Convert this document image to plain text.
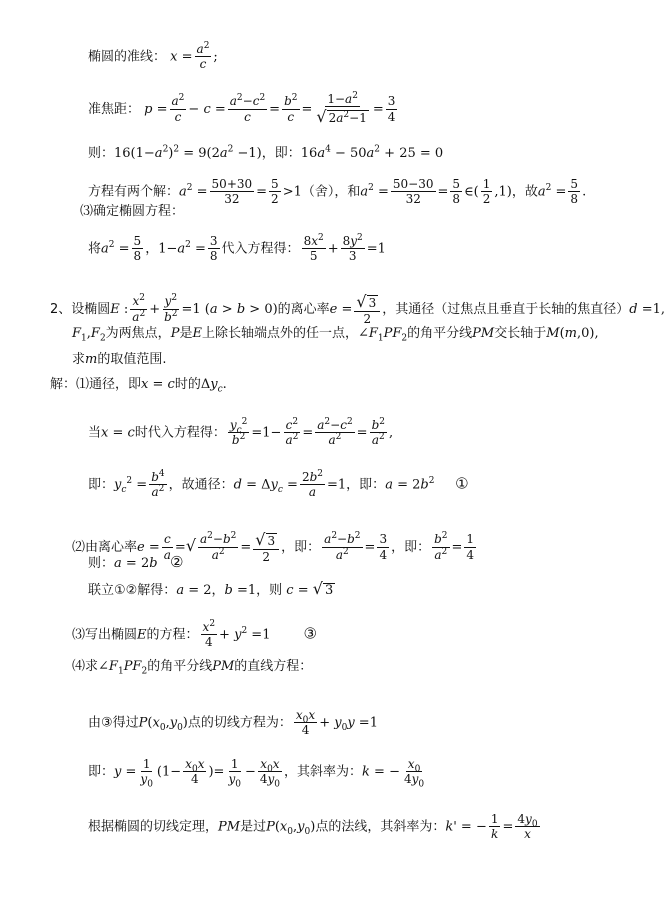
椭圆的准线： $x = \frac{a^2}{c}$ ;
准焦距： $p = \frac{a^2}{c} - c = \frac{a^2-c^2}{c} = \frac{b^2}{c} = \frac{1-a^2}{√ 2a^2-1} = \frac{3}{4}$
则：$16(1-a^2)^2 = 9(2a^2 -1)$，即：$16a^4 - 50a^2 + 25 = 0$
方程有两个解：$a^2 = \frac{50+30}{32} = \frac{5}{2} >1$（舍），和$a^2 = \frac{50-30}{32} = \frac{5}{8}$ ∈( $\frac{1}{2} ,1$)，故$a^2 = \frac{5}{8}$ .
⑶确定椭圆方程：
将$a^2 = \frac{5}{8}$ ，$1-a^2 = \frac{3}{8}$ 代入方程得： $\frac{8x^2}{5} + \frac{8y^2}{3} =1$
2、设椭圆E : $\frac{x^2}{a^2} + \frac{y^2}{b^2} =1$ (a > b > 0)的离心率$e = \frac{√ 3}{2}$ ，其通径（过焦点且垂直于长轴的焦直径）d =1,
$F_1,F_2$为两焦点，P是E上除长轴端点外的任一点，$\angle F_1PF_2$的角平分线PM交长轴于M(m,0),
求m的取值范围.
解：⑴通径，即x = c时的$\Delta y_c$.
当x = c时代入方程得： $\frac{y_c^2}{b^2} =1- \frac{c^2}{a^2} = \frac{a^2-c^2}{a^2} = \frac{b^2}{a^2}$ ,
即：$y_c^2 = \frac{b^4}{a^2}$ ，故通径：$d = \Delta y_c = \frac{2b^2}{a} =1$，即：$a = 2b^2$ ①
⑵由离心率$e = \frac{c}{a}$ =√ $\frac{a^2-b^2}{a^2} = \frac{√ 3}{2}$ ，即： $\frac{a^2-b^2}{a^2} = \frac{3}{4}$ ，即： $\frac{b^2}{a^2} = \frac{1}{4}$
则：a = 2b ②
联立①②解得：a = 2，b =1，则 c = √ 3
⑶写出椭圆E的方程： $\frac{x^2}{4} + y^2 =1$        ③
⑷求$\angle F_1PF_2$的角平分线PM的直线方程：
由③得过$P(x_0,y_0)$点的切线方程为： $\frac{x_0x}{4} + y_0y =1$
即：$y = \frac{1}{y_0} (1- \frac{x_0x}{4}$ )= $\frac{1}{y_0} - \frac{x_0x}{4y_0}$ ，其斜率为：k = − $\frac{x_0}{4y_0}$
根据椭圆的切线定理，PM是过$P(x_0,y_0)$点的法线，其斜率为：k' = − $\frac{1}{k} = \frac{4y_0}{x}$
